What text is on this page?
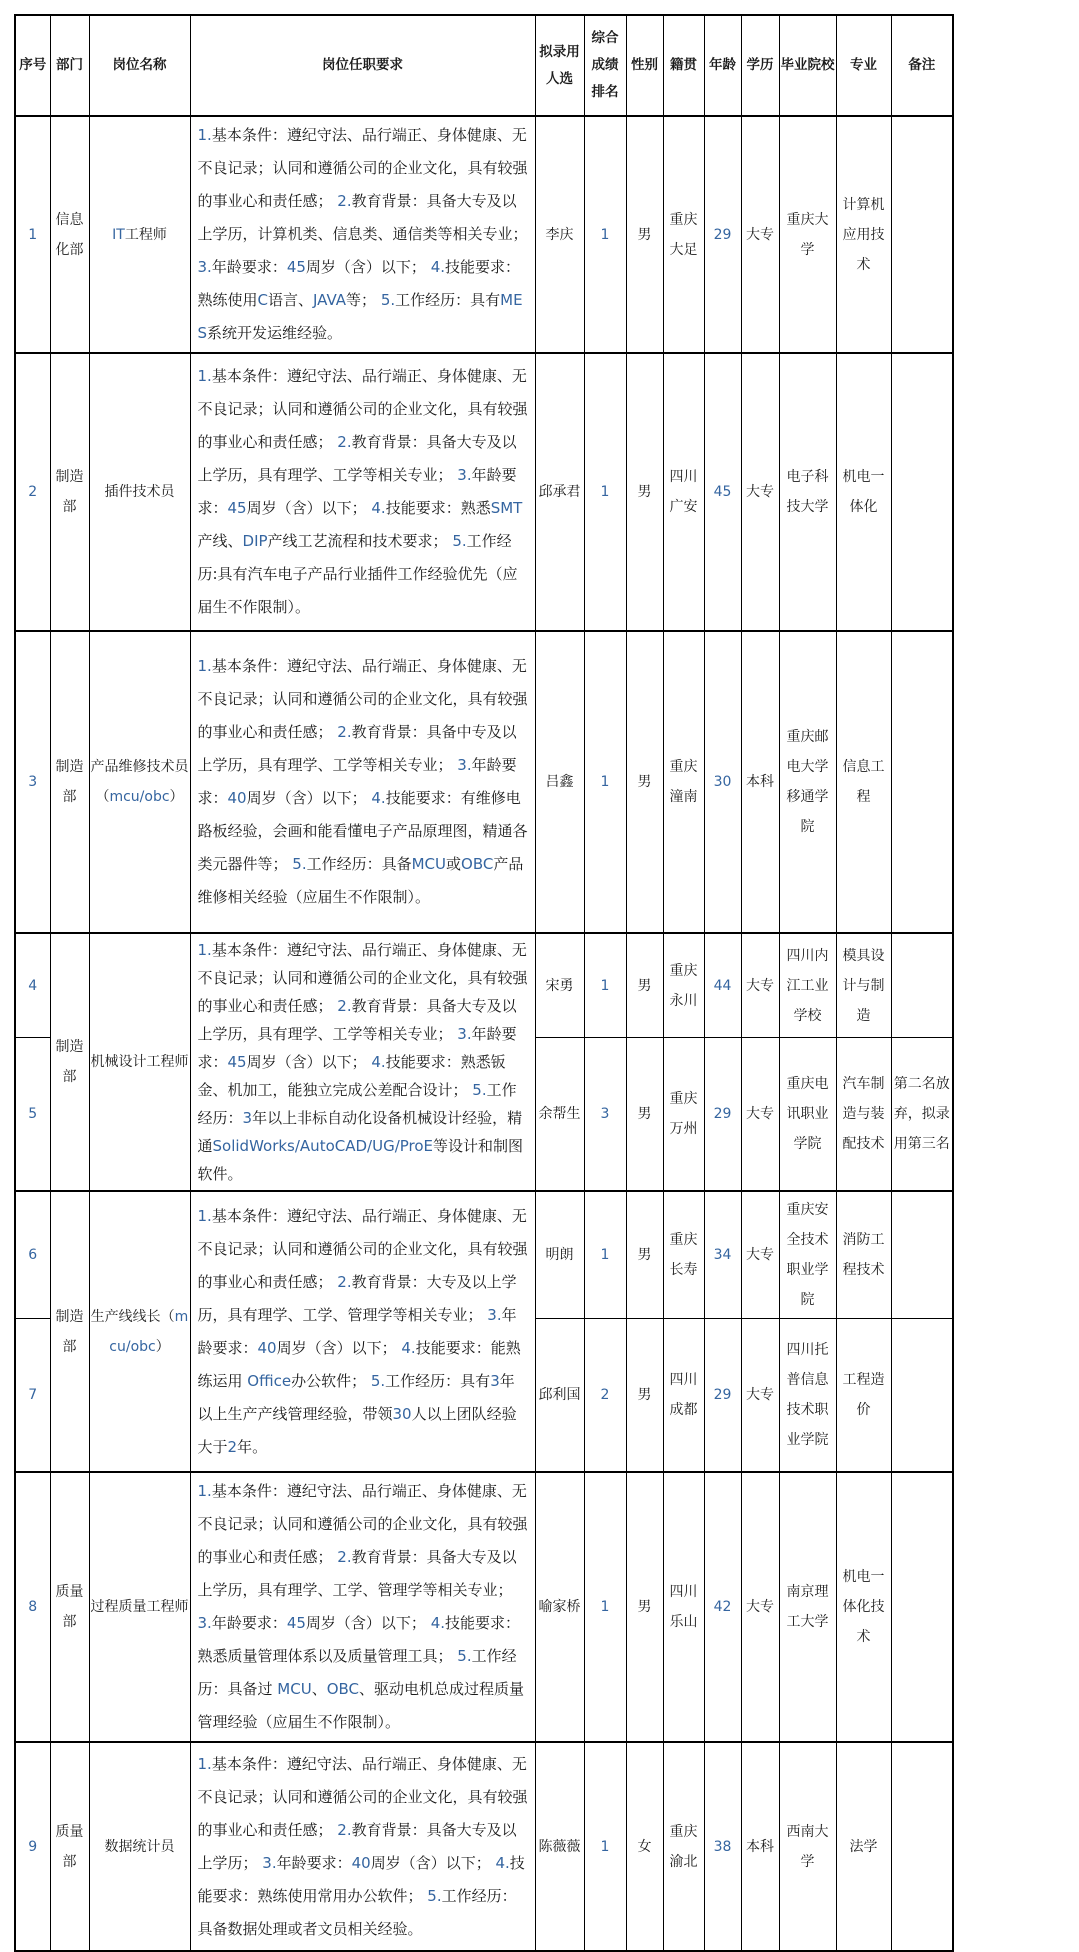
序号	部门	岗位名称	岗位任职要求	拟录用人选	综合成绩排名	性别	籍贯	年龄	学历	毕业院校	专业	备注
1	信息化部	IT工程师	1.基本条件：遵纪守法、品行端正、身体健康、无不良记录；认同和遵循公司的企业文化，具有较强的事业心和责任感； 2.教育背景：具备大专及以上学历，计算机类、信息类、通信类等相关专业； 3.年龄要求：45周岁（含）以下； 4.技能要求：熟练使用C语言、JAVA等； 5.工作经历：具有MES系统开发运维经验。	李庆	1	男	重庆大足	29	大专	重庆大学	计算机应用技术	
2	制造部	插件技术员	1.基本条件：遵纪守法、品行端正、身体健康、无不良记录；认同和遵循公司的企业文化，具有较强的事业心和责任感； 2.教育背景：具备大专及以上学历，具有理学、工学等相关专业； 3.年龄要求：45周岁（含）以下； 4.技能要求：熟悉SMT产线、DIP产线工艺流程和技术要求； 5.工作经历:具有汽车电子产品行业插件工作经验优先（应届生不作限制）。	邱承君	1	男	四川广安	45	大专	电子科技大学	机电一体化	
3	制造部	产品维修技术员（mcu/obc）	1.基本条件：遵纪守法、品行端正、身体健康、无不良记录；认同和遵循公司的企业文化，具有较强的事业心和责任感； 2.教育背景：具备中专及以上学历，具有理学、工学等相关专业； 3.年龄要求：40周岁（含）以下； 4.技能要求：有维修电路板经验，会画和能看懂电子产品原理图，精通各类元器件等； 5.工作经历：具备MCU或OBC产品维修相关经验（应届生不作限制）。	吕鑫	1	男	重庆潼南	30	本科	重庆邮电大学移通学院	信息工程	
4	制造部	机械设计工程师	1.基本条件：遵纪守法、品行端正、身体健康、无不良记录；认同和遵循公司的企业文化，具有较强的事业心和责任感； 2.教育背景：具备大专及以上学历，具有理学、工学等相关专业； 3.年龄要求：45周岁（含）以下； 4.技能要求：熟悉钣金、机加工，能独立完成公差配合设计； 5.工作经历：3年以上非标自动化设备机械设计经验，精通SolidWorks/AutoCAD/UG/ProE等设计和制图软件。	宋勇	1	男	重庆永川	44	大专	四川内江工业学校	模具设计与制造	
5				余帮生	3	男	重庆万州	29	大专	重庆电讯职业学院	汽车制造与装配技术	第二名放弃，拟录用第三名
6	制造部	生产线线长（mcu/obc）	1.基本条件：遵纪守法、品行端正、身体健康、无不良记录；认同和遵循公司的企业文化，具有较强的事业心和责任感； 2.教育背景：大专及以上学历，具有理学、工学、管理学等相关专业； 3.年龄要求：40周岁（含）以下； 4.技能要求：能熟练运用 Office办公软件； 5.工作经历：具有3年以上生产产线管理经验，带领30人以上团队经验大于2年。	明朗	1	男	重庆长寿	34	大专	重庆安全技术职业学院	消防工程技术	
7				邱利国	2	男	四川成都	29	大专	四川托普信息技术职业学院	工程造价	
8	质量部	过程质量工程师	1.基本条件：遵纪守法、品行端正、身体健康、无不良记录；认同和遵循公司的企业文化，具有较强的事业心和责任感； 2.教育背景：具备大专及以上学历，具有理学、工学、管理学等相关专业； 3.年龄要求：45周岁（含）以下； 4.技能要求：熟悉质量管理体系以及质量管理工具； 5.工作经历：具备过 MCU、OBC、驱动电机总成过程质量管理经验（应届生不作限制）。	喻家桥	1	男	四川乐山	42	大专	南京理工大学	机电一体化技术	
9	质量部	数据统计员	1.基本条件：遵纪守法、品行端正、身体健康、无不良记录；认同和遵循公司的企业文化，具有较强的事业心和责任感； 2.教育背景：具备大专及以上学历； 3.年龄要求：40周岁（含）以下； 4.技能要求：熟练使用常用办公软件； 5.工作经历：具备数据处理或者文员相关经验。	陈薇薇	1	女	重庆渝北	38	本科	西南大学	法学	
